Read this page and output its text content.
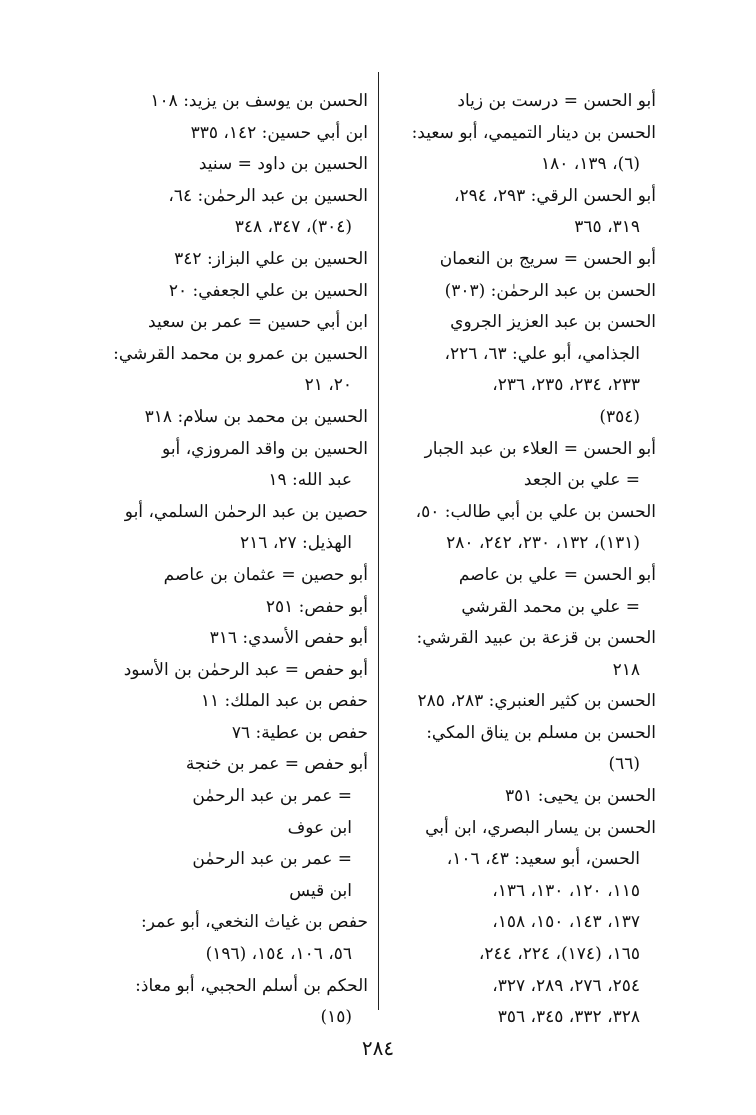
أبو الحسن = درست بن زياد
الحسن بن دينار التميمي، أبو سعيد:
(٦)، ١٣٩، ١٨٠
أبو الحسن الرقي: ٢٩٣، ٢٩٤،
٣١٩، ٣٦٥
أبو الحسن = سريج بن النعمان
الحسن بن عبد الرحمٰن: (٣٠٣)
الحسن بن عبد العزيز الجروي
الجذامي، أبو علي: ٦٣، ٢٢٦،
٢٣٣، ٢٣٤، ٢٣٥، ٢٣٦،
(٣٥٤)
أبو الحسن = العلاء بن عبد الجبار
= علي بن الجعد
الحسن بن علي بن أبي طالب: ٥٠،
(١٣١)، ١٣٢، ٢٣٠، ٢٤٢، ٢٨٠
أبو الحسن = علي بن عاصم
= علي بن محمد القرشي
الحسن بن قزعة بن عبيد القرشي:
٢١٨
الحسن بن كثير العنبري: ٢٨٣، ٢٨٥
الحسن بن مسلم بن يناق المكي:
(٦٦)
الحسن بن يحيى: ٣٥١
الحسن بن يسار البصري، ابن أبي
الحسن، أبو سعيد: ٤٣، ١٠٦،
١١٥، ١٢٠، ١٣٠، ١٣٦،
١٣٧، ١٤٣، ١٥٠، ١٥٨،
١٦٥، (١٧٤)، ٢٢٤، ٢٤٤،
٢٥٤، ٢٧٦، ٢٨٩، ٣٢٧،
٣٢٨، ٣٣٢، ٣٤٥، ٣٥٦
الحسن بن يوسف بن يزيد: ١٠٨
ابن أبي حسين: ١٤٢، ٣٣٥
الحسين بن داود = سنيد
الحسين بن عبد الرحمٰن: ٦٤،
(٣٠٤)، ٣٤٧، ٣٤٨
الحسين بن علي البزاز: ٣٤٢
الحسين بن علي الجعفي: ٢٠
ابن أبي حسين = عمر بن سعيد
الحسين بن عمرو بن محمد القرشي:
٢٠، ٢١
الحسين بن محمد بن سلام: ٣١٨
الحسين بن واقد المروزي، أبو
عبد الله: ١٩
حصين بن عبد الرحمٰن السلمي، أبو
الهذيل: ٢٧، ٢١٦
أبو حصين = عثمان بن عاصم
أبو حفص: ٢٥١
أبو حفص الأسدي: ٣١٦
أبو حفص = عبد الرحمٰن بن الأسود
حفص بن عبد الملك: ١١
حفص بن عطية: ٧٦
أبو حفص = عمر بن خنجة
= عمر بن عبد الرحمٰن
ابن عوف
= عمر بن عبد الرحمٰن
ابن قيس
حفص بن غياث النخعي، أبو عمر:
٥٦، ١٠٦، ١٥٤، (١٩٦)
الحكم بن أسلم الحجبي، أبو معاذ:
(١٥)
٢٨٤
